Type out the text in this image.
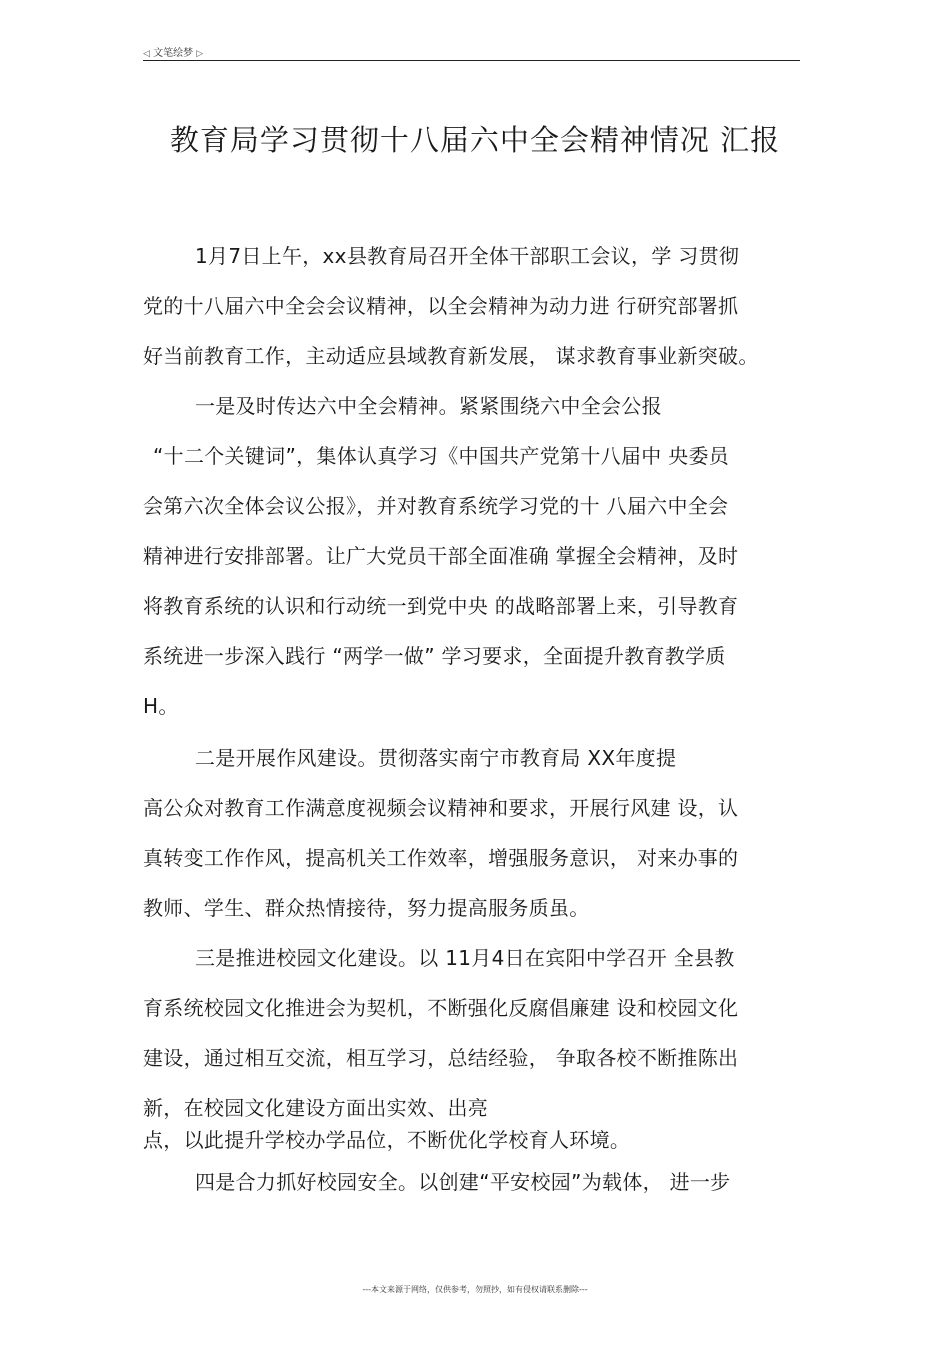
◁ 文笔绘梦 ▷
教育局学习贯彻十八届六中全会精神情况 汇报
1月7日上午，xx县教育局召开全体干部职工会议，学 习贯彻
党的十八届六中全会会议精神，以全会精神为动力进 行研究部署抓
好当前教育工作，主动适应县域教育新发展， 谋求教育事业新突破。
一是及时传达六中全会精神。紧紧围绕六中全会公报
“十二个关键词”，集体认真学习《中国共产党第十八届中 央委员
会第六次全体会议公报》，并对教育系统学习党的十 八届六中全会
精神进行安排部署。让广大党员干部全面准确 掌握全会精神，及时
将教育系统的认识和行动统一到党中央 的战略部署上来，引导教育
系统进一步深入践行 “两学一做” 学习要求，全面提升教育教学质
H。
二是开展作风建设。贯彻落实南宁市教育局 XX年度提
高公众对教育工作满意度视频会议精神和要求，开展行风建 设，认
真转变工作作风，提高机关工作效率，增强服务意识， 对来办事的
教师、学生、群众热情接待，努力提高服务质虽。
三是推进校园文化建设。以 11月4日在宾阳中学召开 全县教
育系统校园文化推进会为契机，不断强化反腐倡廉建 设和校园文化
建设，通过相互交流，相互学习，总结经验， 争取各校不断推陈出
新，在校园文化建设方面出实效、出亮
点，以此提升学校办学品位，不断优化学校育人环境。
四是合力抓好校园安全。以创建“平安校园”为载体， 进一步
---本文来源于网络，仅供参考，勿照抄，如有侵权请联系删除---
